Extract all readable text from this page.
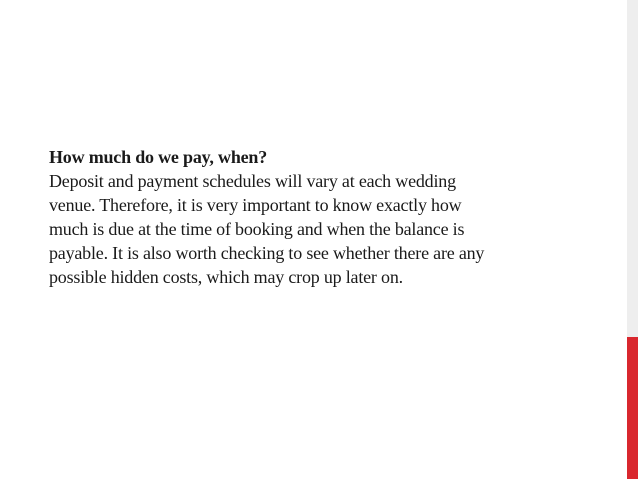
How much do we pay, when?

Deposit and payment schedules will vary at each wedding

venue. Therefore, it is very important to know exactly how

much is due at the time of booking and when the balance is

payable. It is also worth checking to see whether there are any

possible hidden costs, which may crop up later on.
